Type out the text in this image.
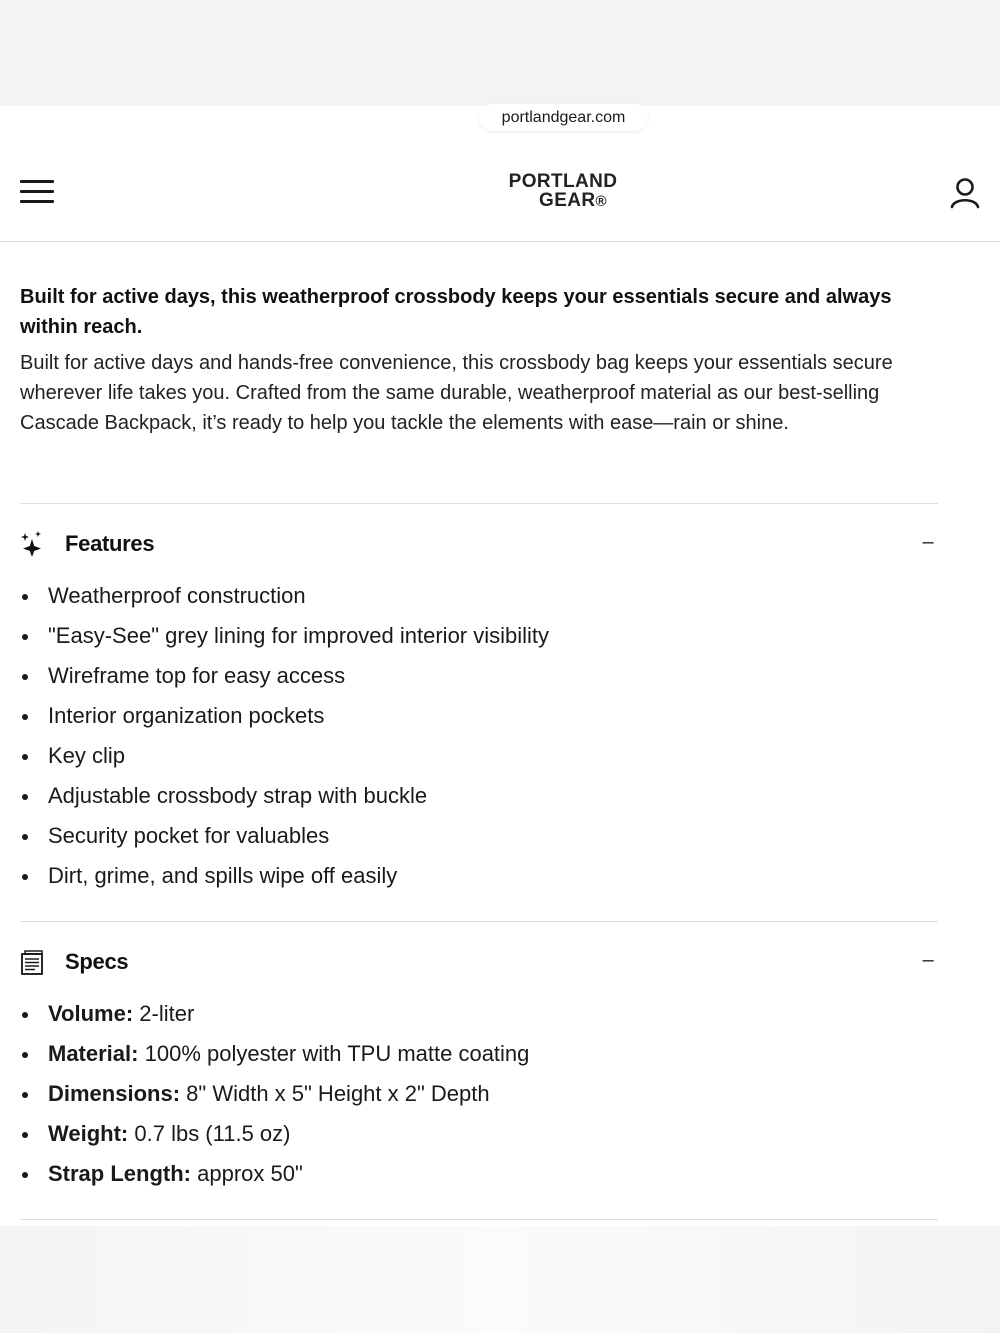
portlandgear.com
PORTLAND
GEAR®

Built for active days, this weatherproof crossbody keeps your essentials secure and always within reach.

Built for active days and hands-free convenience, this crossbody bag keeps your essentials secure wherever life takes you. Crafted from the same durable, weatherproof material as our best-selling Cascade Backpack, it’s ready to help you tackle the elements with ease—rain or shine.

Features	–
Weatherproof construction
"Easy-See" grey lining for improved interior visibility
Wireframe top for easy access
Interior organization pockets
Key clip
Adjustable crossbody strap with buckle
Security pocket for valuables
Dirt, grime, and spills wipe off easily
Specs	–
Volume: 2-liter
Material: 100% polyester with TPU matte coating
Dimensions: 8" Width x 5" Height x 2" Depth
Weight: 0.7 lbs (11.5 oz)
Strap Length: approx 50"
